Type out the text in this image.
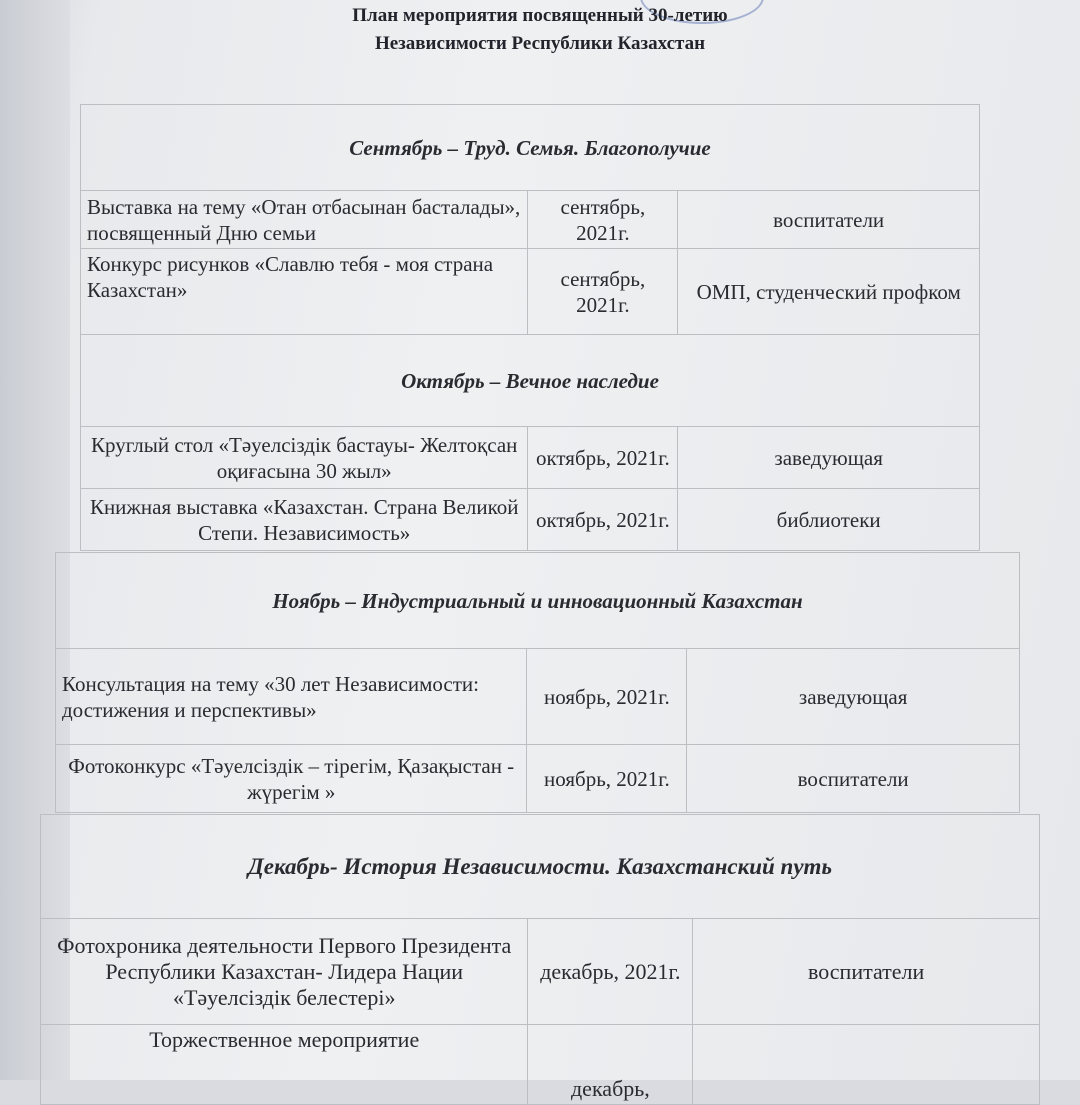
План мероприятия посвященный 30-летию
Независимости Республики Казахстан
Сентябрь – Труд. Семья. Благополучие		
Выставка на тему «Отан отбасынан басталады», посвященный Дню семьи	сентябрь, 2021г.	воспитатели
Конкурс рисунков «Славлю тебя - моя страна Казахстан»	сентябрь, 2021г.	ОМП, студенческий профком
Октябрь – Вечное наследие		
Круглый стол «Тәуелсіздік бастауы- Желтоқсан оқиғасына 30 жыл»	октябрь, 2021г.	заведующая
Книжная выставка «Казахстан. Страна Великой Степи. Независимость»	октябрь, 2021г.	библиотеки
Ноябрь – Индустриальный и инновационный Казахстан		
Консультация на тему «30 лет Независимости: достижения и перспективы»	ноябрь, 2021г.	заведующая
Фотоконкурс «Тәуелсіздік – тірегім, Қазақыстан - жүрегім »	ноябрь, 2021г.	воспитатели
Декабрь- История Независимости. Казахстанский путь		
Фотохроника деятельности Первого Президента Республики Казахстан- Лидера Нации «Тәуелсіздік белестері»	декабрь, 2021г.	воспитатели
Торжественное мероприятие	декабрь,	
